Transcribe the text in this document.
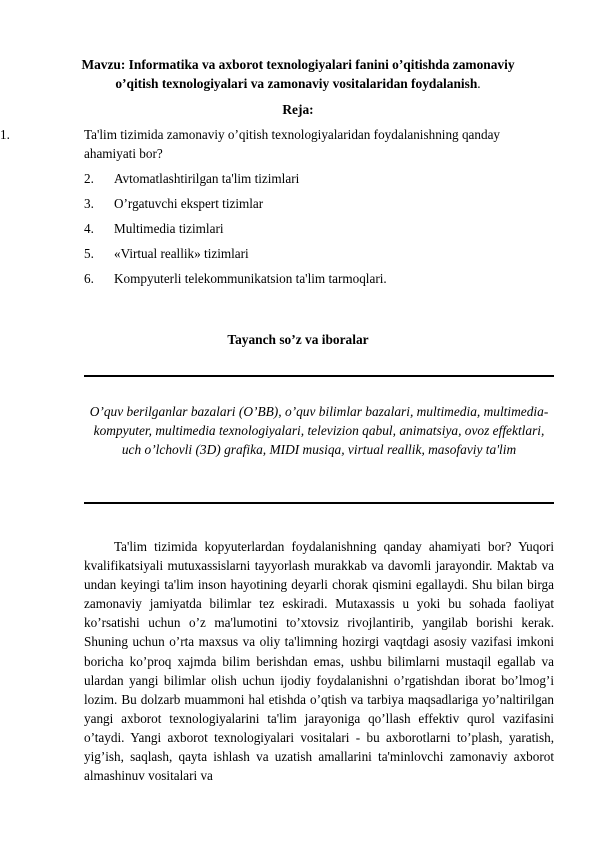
Mavzu: Informatika va axborot texnologiyalari fanini o’qitishda zamonaviy o’qitish texnologiyalari va zamonaviy vositalaridan foydalanish.
Reja:
1.	Ta'lim tizimida zamonaviy o’qitish texnologiyalaridan foydalanishning qanday ahamiyati bor?
2. Avtomatlashtirilgan ta'lim tizimlari
3. O’rgatuvchi ekspert tizimlar
4. Multimedia tizimlari
5. «Virtual reallik» tizimlari
6. Kompyuterli telekommunikatsion ta'lim tarmoqlari.
Tayanch so’z va iboralar
O’quv berilganlar bazalari (O’BB), o’quv bilimlar bazalari, multimedia, multimedia-kompyuter, multimedia texnologiyalari, televizion qabul, animatsiya, ovoz effektlari, uch o’lchovli (3D) grafika, MIDI musiqa, virtual reallik, masofaviy ta'lim
Ta'lim tizimida kopyuterlardan foydalanishning qanday ahamiyati bor? Yuqori kvalifikatsiyali mutuxassislarni tayyorlash murakkab va davomli jarayondir. Maktab va undan keyingi ta'lim inson hayotining deyarli chorak qismini egallaydi. Shu bilan birga zamonaviy jamiyatda bilimlar tez eskiradi. Mutaxassis u yoki bu sohada faoliyat ko’rsatishi uchun o’z ma'lumotini to’xtovsiz rivojlantirib, yangilab borishi kerak. Shuning uchun o’rta maxsus va oliy ta'limning hozirgi vaqtdagi asosiy vazifasi imkoni boricha ko’proq xajmda bilim berishdan emas, ushbu bilimlarni mustaqil egallab va ulardan yangi bilimlar olish uchun ijodiy foydalanishni o’rgatishdan iborat bo’lmog’i lozim. Bu dolzarb muammoni hal etishda o’qtish va tarbiya maqsadlariga yo’naltirilgan yangi axborot texnologiyalarini ta'lim jarayoniga qo’llash effektiv qurol vazifasini o’taydi. Yangi axborot texnologiyalari vositalari - bu axborotlarni to’plash, yaratish, yig’ish, saqlash, qayta ishlash va uzatish amallarini ta'minlovchi zamonaviy axborot almashinuv vositalari va
